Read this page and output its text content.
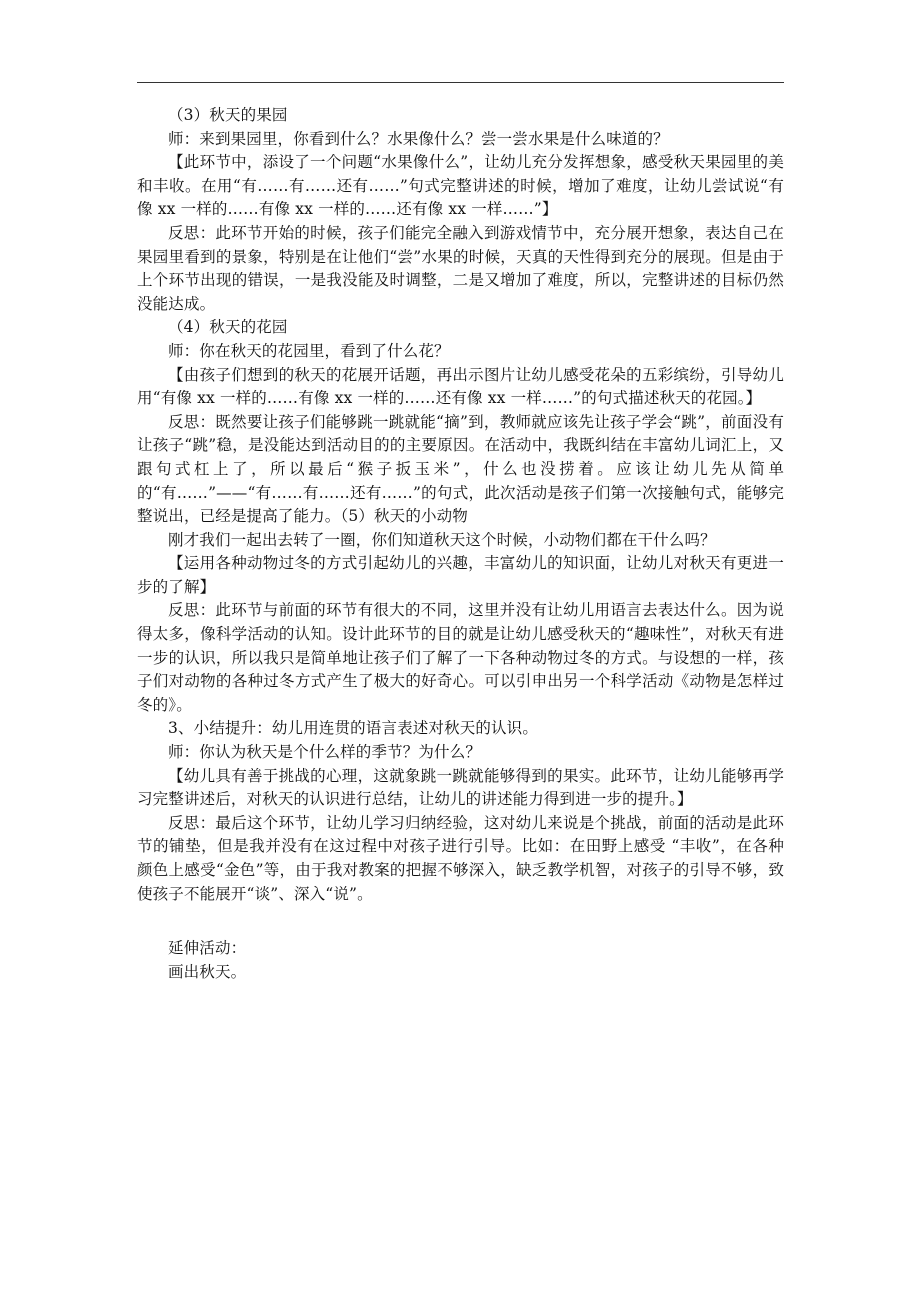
（3）秋天的果园

师：来到果园里，你看到什么？水果像什么？尝一尝水果是什么味道的？

【此环节中，添设了一个问题“水果像什么”，让幼儿充分发挥想象，感受秋天果园里的美和丰收。在用“有……有……还有……”句式完整讲述的时候，增加了难度，让幼儿尝试说“有像 xx 一样的……有像 xx 一样的……还有像 xx 一样……”】

反思：此环节开始的时候，孩子们能完全融入到游戏情节中，充分展开想象，表达自己在果园里看到的景象，特别是在让他们“尝”水果的时候，天真的天性得到充分的展现。但是由于上个环节出现的错误，一是我没能及时调整，二是又增加了难度，所以，完整讲述的目标仍然没能达成。

（4）秋天的花园

师：你在秋天的花园里，看到了什么花？

【由孩子们想到的秋天的花展开话题，再出示图片让幼儿感受花朵的五彩缤纷，引导幼儿用“有像 xx 一样的……有像 xx 一样的……还有像 xx 一样……”的句式描述秋天的花园。】

反思：既然要让孩子们能够跳一跳就能“摘”到，教师就应该先让孩子学会“跳”，前面没有让孩子“跳”稳，是没能达到活动目的的主要原因。在活动中，我既纠结在丰富幼儿词汇上，又跟句式杠上了，所以最后“猴子扳玉米”，什么也没捞着。应该让幼儿先从简单的“有……”——“有……有……还有……”的句式，此次活动是孩子们第一次接触句式，能够完整说出，已经是提高了能力。（5）秋天的小动物

刚才我们一起出去转了一圈，你们知道秋天这个时候，小动物们都在干什么吗？

【运用各种动物过冬的方式引起幼儿的兴趣，丰富幼儿的知识面，让幼儿对秋天有更进一步的了解】

反思：此环节与前面的环节有很大的不同，这里并没有让幼儿用语言去表达什么。因为说得太多，像科学活动的认知。设计此环节的目的就是让幼儿感受秋天的“趣味性”，对秋天有进一步的认识，所以我只是简单地让孩子们了解了一下各种动物过冬的方式。与设想的一样，孩子们对动物的各种过冬方式产生了极大的好奇心。可以引申出另一个科学活动《动物是怎样过冬的》。

3、小结提升：幼儿用连贯的语言表述对秋天的认识。

师：你认为秋天是个什么样的季节？为什么？

【幼儿具有善于挑战的心理，这就象跳一跳就能够得到的果实。此环节，让幼儿能够再学习完整讲述后，对秋天的认识进行总结，让幼儿的讲述能力得到进一步的提升。】

反思：最后这个环节，让幼儿学习归纳经验，这对幼儿来说是个挑战，前面的活动是此环节的铺垫，但是我并没有在这过程中对孩子进行引导。比如：在田野上感受 “丰收”，在各种颜色上感受“金色”等，由于我对教案的把握不够深入，缺乏教学机智，对孩子的引导不够，致使孩子不能展开“谈”、深入“说”。

延伸活动：

画出秋天。
